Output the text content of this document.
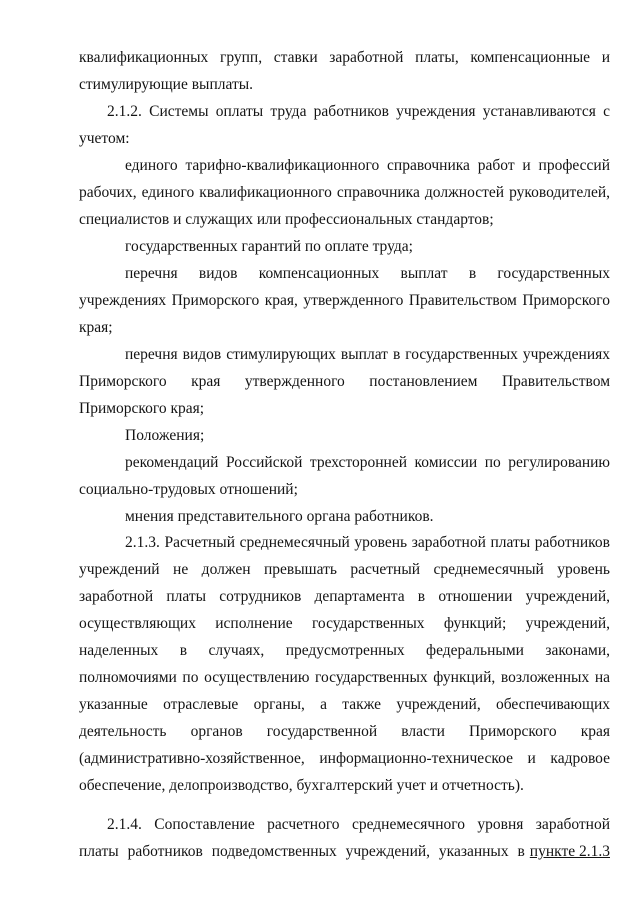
квалификационных групп, ставки заработной платы, компенсационные и
стимулирующие выплаты.
2.1.2. Системы оплаты труда работников учреждения устанавливаются с
учетом:
единого тарифно-квалификационного справочника работ и профессий
рабочих, единого квалификационного справочника должностей руководителей,
специалистов и служащих или профессиональных стандартов;
государственных гарантий по оплате труда;
перечня видов компенсационных выплат в государственных
учреждениях Приморского края, утвержденного Правительством Приморского
края;
перечня видов стимулирующих выплат в государственных учреждениях
Приморского края утвержденного постановлением Правительством
Приморского края;
Положения;
рекомендаций Российской трехсторонней комиссии по регулированию
социально-трудовых отношений;
мнения представительного органа работников.
2.1.3. Расчетный среднемесячный уровень заработной платы работников
учреждений не должен превышать расчетный среднемесячный уровень
заработной платы сотрудников департамента в отношении учреждений,
осуществляющих исполнение государственных функций; учреждений,
наделенных в случаях, предусмотренных федеральными законами,
полномочиями по осуществлению государственных функций, возложенных на
указанные отраслевые органы, а также учреждений, обеспечивающих
деятельность органов государственной власти Приморского края
(административно-хозяйственное, информационно-техническое и кадровое
обеспечение, делопроизводство, бухгалтерский учет и отчетность).
2.1.4. Сопоставление расчетного среднемесячного уровня заработной
платы работников подведомственных учреждений, указанных в пункте 2.1.3
